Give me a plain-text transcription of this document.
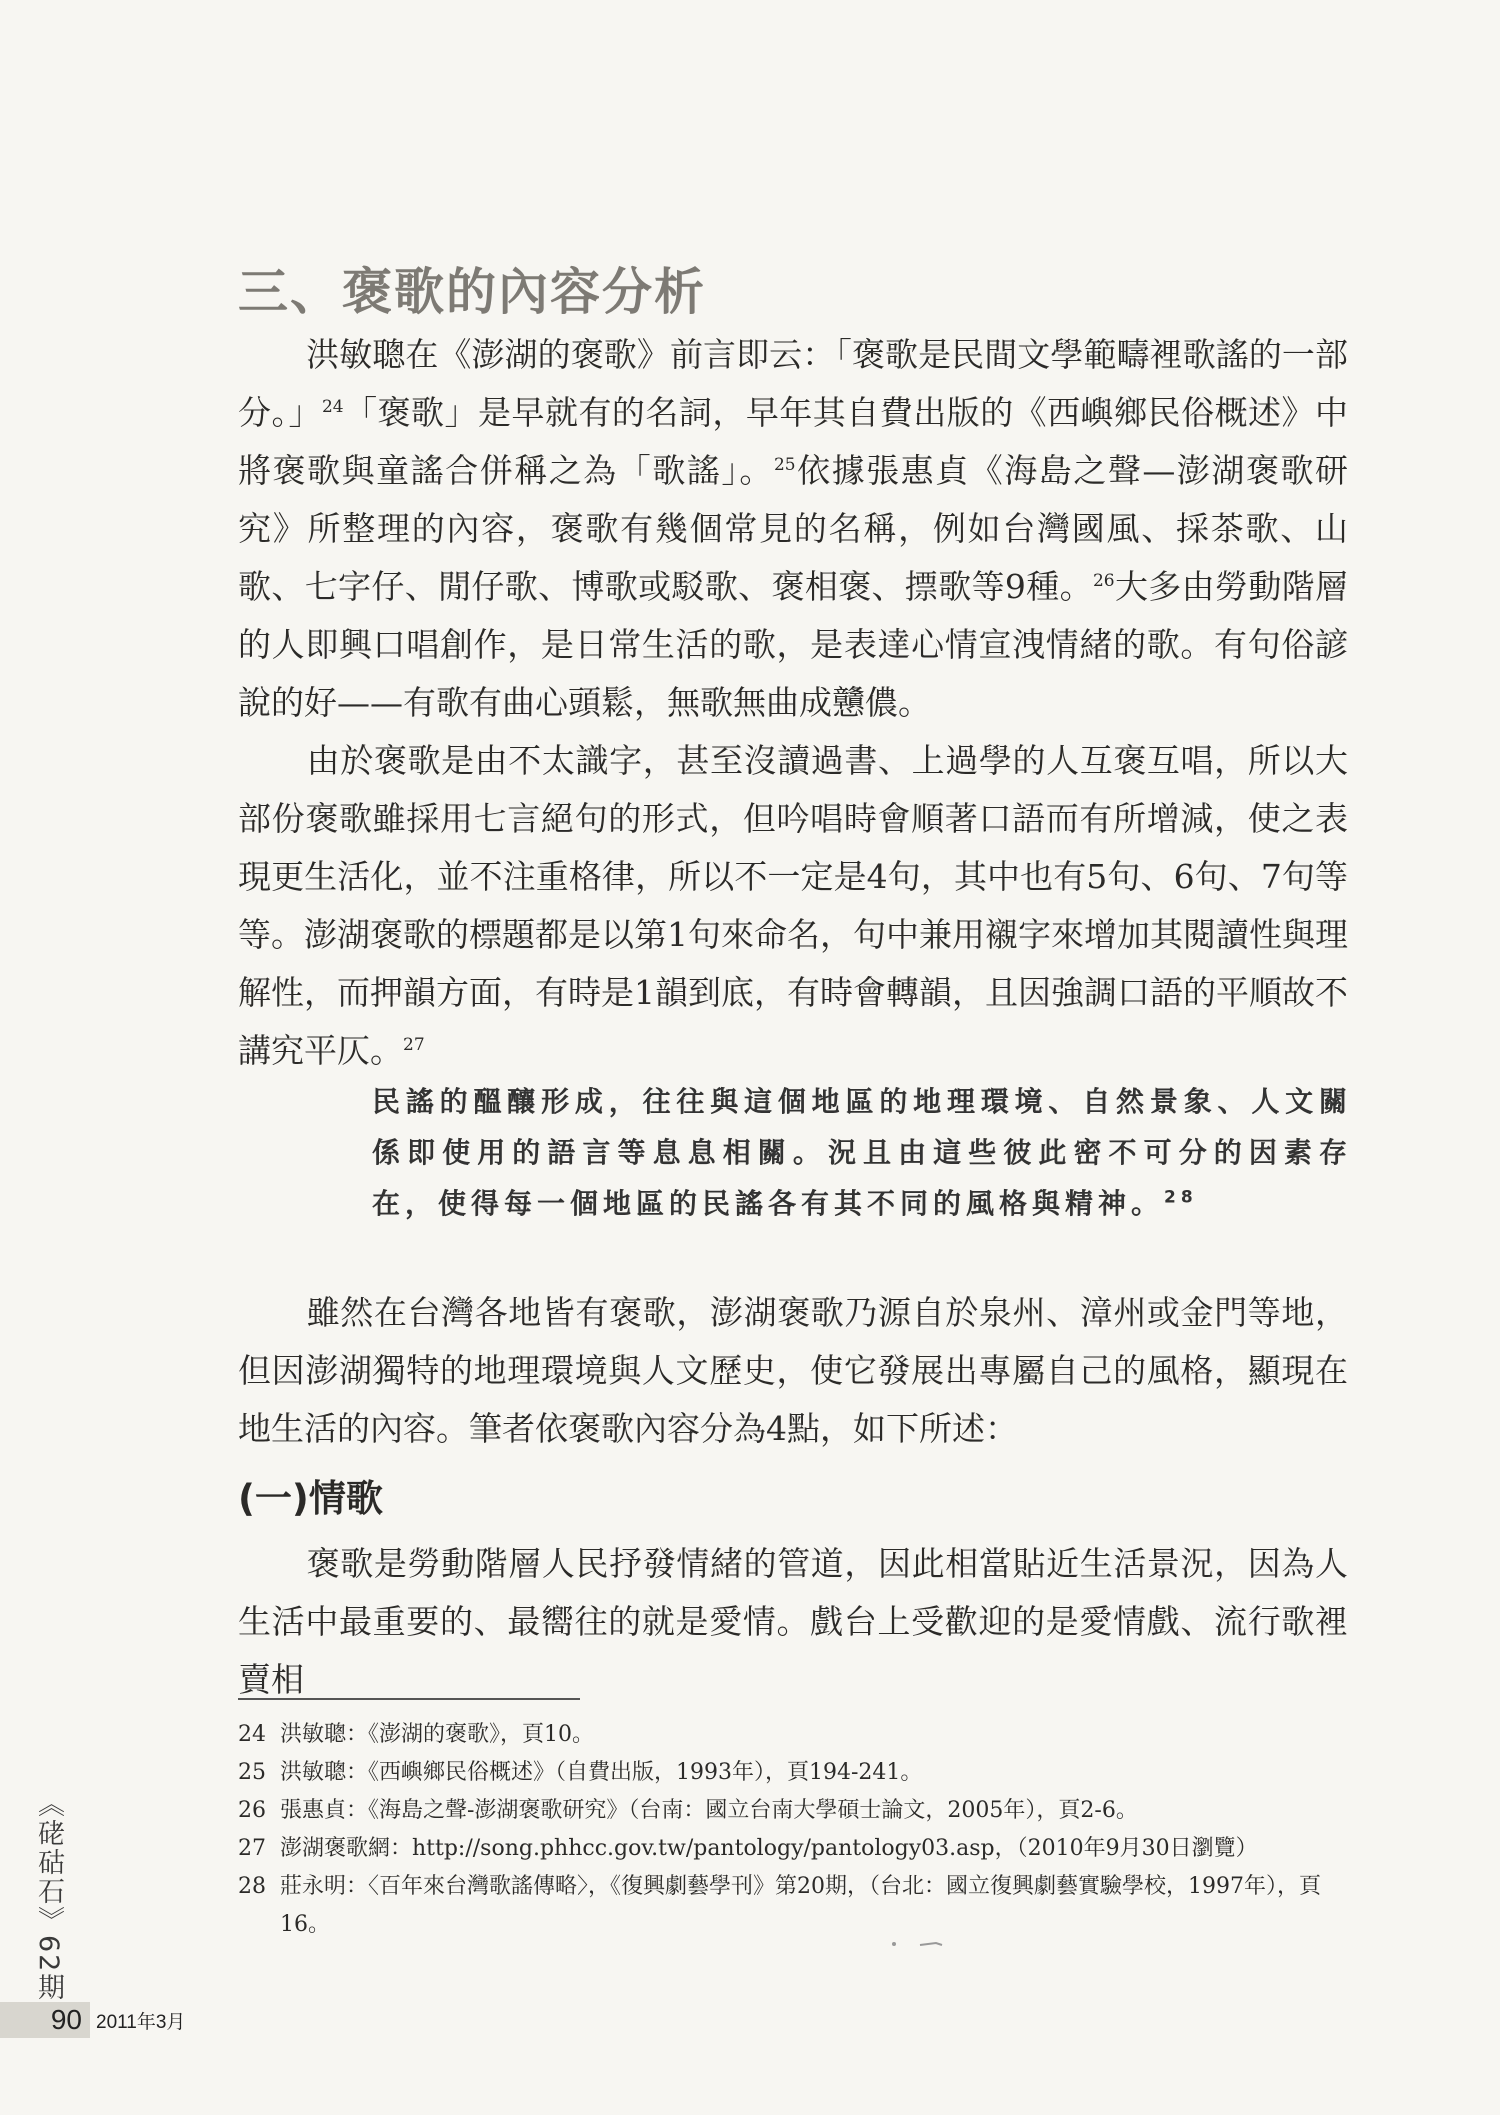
三、褒歌的內容分析

洪敏聰在《澎湖的褒歌》前言即云：「褒歌是民間文學範疇裡歌謠的一部分。」$^{24}$「褒歌」是早就有的名詞，早年其自費出版的《西嶼鄉民俗概述》中將褒歌與童謠合併稱之為「歌謠」。$^{25}$依據張惠貞《海島之聲—澎湖褒歌研究》所整理的內容，褒歌有幾個常見的名稱，例如台灣國風、採茶歌、山歌、七字仔、閒仔歌、博歌或駁歌、褒相褒、摽歌等9種。$^{26}$大多由勞動階層的人即興口唱創作，是日常生活的歌，是表達心情宣洩情緒的歌。有句俗諺說的好——有歌有曲心頭鬆，無歌無曲成戇儂。

由於褒歌是由不太識字，甚至沒讀過書、上過學的人互褒互唱，所以大部份褒歌雖採用七言絕句的形式，但吟唱時會順著口語而有所增減，使之表現更生活化，並不注重格律，所以不一定是4句，其中也有5句、6句、7句等等。澎湖褒歌的標題都是以第1句來命名，句中兼用襯字來增加其閱讀性與理解性，而押韻方面，有時是1韻到底，有時會轉韻，且因強調口語的平順故不講究平仄。$^{27}$

民謠的醞釀形成，往往與這個地區的地理環境、自然景象、人文關係即使用的語言等息息相關。況且由這些彼此密不可分的因素存在，使得每一個地區的民謠各有其不同的風格與精神。$^{28}$

雖然在台灣各地皆有褒歌，澎湖褒歌乃源自於泉州、漳州或金門等地，但因澎湖獨特的地理環境與人文歷史，使它發展出專屬自己的風格，顯現在地生活的內容。筆者依褒歌內容分為4點，如下所述：

(一)情歌

褒歌是勞動階層人民抒發情緒的管道，因此相當貼近生活景況，因為人生活中最重要的、最嚮往的就是愛情。戲台上受歡迎的是愛情戲、流行歌裡賣相

24 洪敏聰：《澎湖的褒歌》，頁10。
25 洪敏聰：《西嶼鄉民俗概述》（自費出版，1993年），頁194-241。
26 張惠貞：《海島之聲-澎湖褒歌研究》（台南：國立台南大學碩士論文，2005年），頁2-6。
27 澎湖褒歌網：http://song.phhcc.gov.tw/pantology/pantology03.asp，（2010年9月30日瀏覽）
28 莊永明：〈百年來台灣歌謠傳略〉，《復興劇藝學刊》第20期，（台北：國立復興劇藝實驗學校，1997年），頁16。
《硓𥑮石》62期
90 2011年3月
